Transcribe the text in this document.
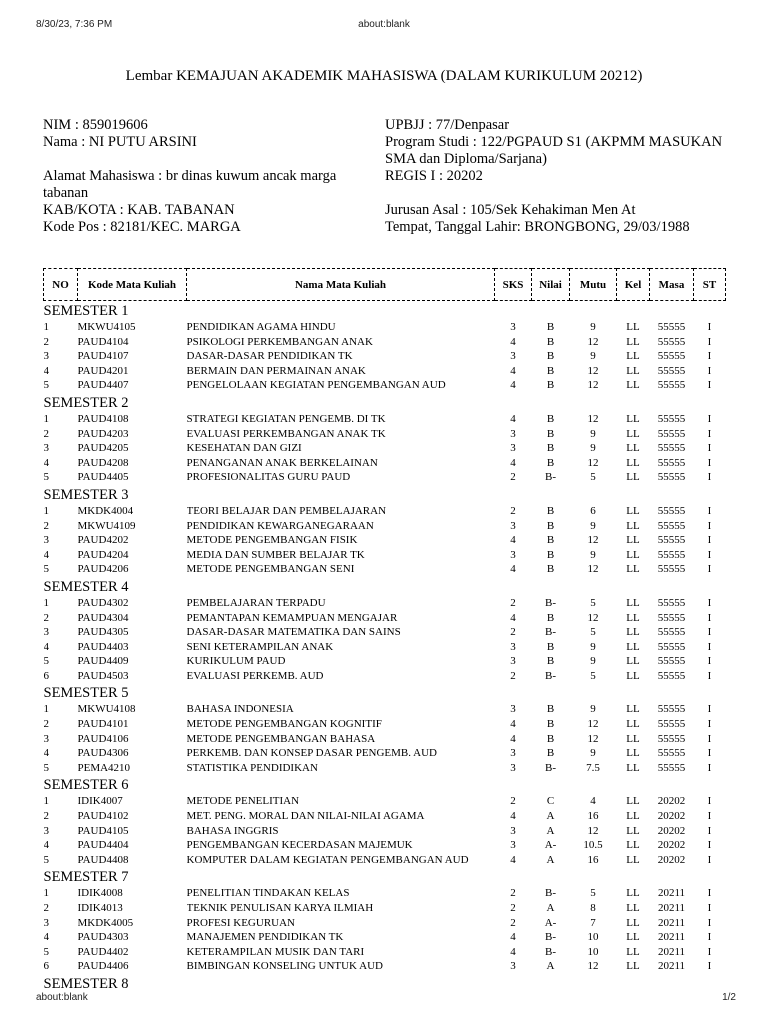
8/30/23, 7:36 PM	about:blank
Lembar KEMAJUAN AKADEMIK MAHASISWA (DALAM KURIKULUM 20212)
NIM : 859019606
Nama : NI PUTU ARSINI
Alamat Mahasiswa : br dinas kuwum ancak marga tabanan
KAB/KOTA : KAB. TABANAN
Kode Pos : 82181/KEC. MARGA
UPBJJ : 77/Denpasar
Program Studi : 122/PGPAUD S1 (AKPMM MASUKAN SMA dan Diploma/Sarjana)
REGIS I : 20202
Jurusan Asal : 105/Sek Kehakiman Men At
Tempat, Tanggal Lahir: BRONGBONG, 29/03/1988
NO	Kode Mata Kuliah	Nama Mata Kuliah	SKS	Nilai	Mutu	Kel	Masa	ST
SEMESTER 1								
1	MKWU4105	PENDIDIKAN AGAMA HINDU	3	B	9	LL	55555	I
2	PAUD4104	PSIKOLOGI PERKEMBANGAN ANAK	4	B	12	LL	55555	I
3	PAUD4107	DASAR-DASAR PENDIDIKAN TK	3	B	9	LL	55555	I
4	PAUD4201	BERMAIN DAN PERMAINAN ANAK	4	B	12	LL	55555	I
5	PAUD4407	PENGELOLAAN KEGIATAN PENGEMBANGAN AUD	4	B	12	LL	55555	I
SEMESTER 2								
1	PAUD4108	STRATEGI KEGIATAN PENGEMB. DI TK	4	B	12	LL	55555	I
2	PAUD4203	EVALUASI PERKEMBANGAN ANAK TK	3	B	9	LL	55555	I
3	PAUD4205	KESEHATAN DAN GIZI	3	B	9	LL	55555	I
4	PAUD4208	PENANGANAN ANAK BERKELAINAN	4	B	12	LL	55555	I
5	PAUD4405	PROFESIONALITAS GURU PAUD	2	B-	5	LL	55555	I
SEMESTER 3								
1	MKDK4004	TEORI BELAJAR DAN PEMBELAJARAN	2	B	6	LL	55555	I
2	MKWU4109	PENDIDIKAN KEWARGANEGARAAN	3	B	9	LL	55555	I
3	PAUD4202	METODE PENGEMBANGAN FISIK	4	B	12	LL	55555	I
4	PAUD4204	MEDIA DAN SUMBER BELAJAR TK	3	B	9	LL	55555	I
5	PAUD4206	METODE PENGEMBANGAN SENI	4	B	12	LL	55555	I
SEMESTER 4								
1	PAUD4302	PEMBELAJARAN TERPADU	2	B-	5	LL	55555	I
2	PAUD4304	PEMANTAPAN KEMAMPUAN MENGAJAR	4	B	12	LL	55555	I
3	PAUD4305	DASAR-DASAR MATEMATIKA DAN SAINS	2	B-	5	LL	55555	I
4	PAUD4403	SENI KETERAMPILAN ANAK	3	B	9	LL	55555	I
5	PAUD4409	KURIKULUM PAUD	3	B	9	LL	55555	I
6	PAUD4503	EVALUASI PERKEMB. AUD	2	B-	5	LL	55555	I
SEMESTER 5								
1	MKWU4108	BAHASA INDONESIA	3	B	9	LL	55555	I
2	PAUD4101	METODE PENGEMBANGAN KOGNITIF	4	B	12	LL	55555	I
3	PAUD4106	METODE PENGEMBANGAN BAHASA	4	B	12	LL	55555	I
4	PAUD4306	PERKEMB. DAN KONSEP DASAR PENGEMB. AUD	3	B	9	LL	55555	I
5	PEMA4210	STATISTIKA PENDIDIKAN	3	B-	7.5	LL	55555	I
SEMESTER 6								
1	IDIK4007	METODE PENELITIAN	2	C	4	LL	20202	I
2	PAUD4102	MET. PENG. MORAL DAN NILAI-NILAI AGAMA	4	A	16	LL	20202	I
3	PAUD4105	BAHASA INGGRIS	3	A	12	LL	20202	I
4	PAUD4404	PENGEMBANGAN KECERDASAN MAJEMUK	3	A-	10.5	LL	20202	I
5	PAUD4408	KOMPUTER DALAM KEGIATAN PENGEMBANGAN AUD	4	A	16	LL	20202	I
SEMESTER 7								
1	IDIK4008	PENELITIAN TINDAKAN KELAS	2	B-	5	LL	20211	I
2	IDIK4013	TEKNIK PENULISAN KARYA ILMIAH	2	A	8	LL	20211	I
3	MKDK4005	PROFESI KEGURUAN	2	A-	7	LL	20211	I
4	PAUD4303	MANAJEMEN PENDIDIKAN TK	4	B-	10	LL	20211	I
5	PAUD4402	KETERAMPILAN MUSIK DAN TARI	4	B-	10	LL	20211	I
6	PAUD4406	BIMBINGAN KONSELING UNTUK AUD	3	A	12	LL	20211	I
SEMESTER 8								
about:blank	1/2
